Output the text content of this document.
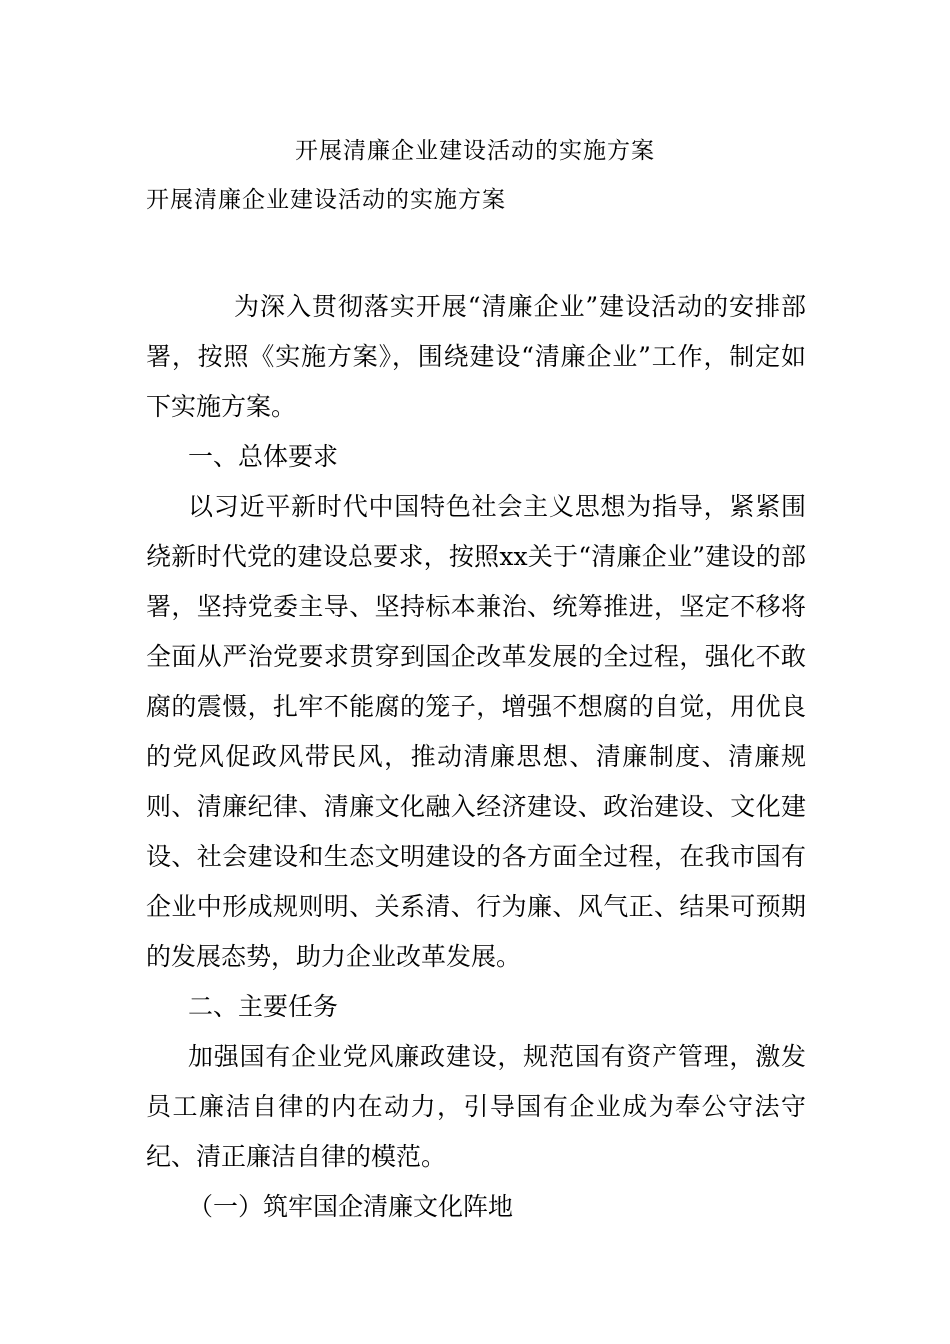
开展清廉企业建设活动的实施方案
开展清廉企业建设活动的实施方案

为深入贯彻落实开展“清廉企业”建设活动的安排部署，按照《实施方案》，围绕建设“清廉企业”工作，制定如下实施方案。

一、总体要求

以习近平新时代中国特色社会主义思想为指导，紧紧围绕新时代党的建设总要求，按照xx关于“清廉企业”建设的部署，坚持党委主导、坚持标本兼治、统筹推进，坚定不移将全面从严治党要求贯穿到国企改革发展的全过程，强化不敢腐的震慑，扎牢不能腐的笼子，增强不想腐的自觉，用优良的党风促政风带民风，推动清廉思想、清廉制度、清廉规则、清廉纪律、清廉文化融入经济建设、政治建设、文化建设、社会建设和生态文明建设的各方面全过程，在我市国有企业中形成规则明、关系清、行为廉、风气正、结果可预期的发展态势，助力企业改革发展。

二、主要任务

加强国有企业党风廉政建设，规范国有资产管理，激发员工廉洁自律的内在动力，引导国有企业成为奉公守法守纪、清正廉洁自律的模范。

（一）筑牢国企清廉文化阵地
